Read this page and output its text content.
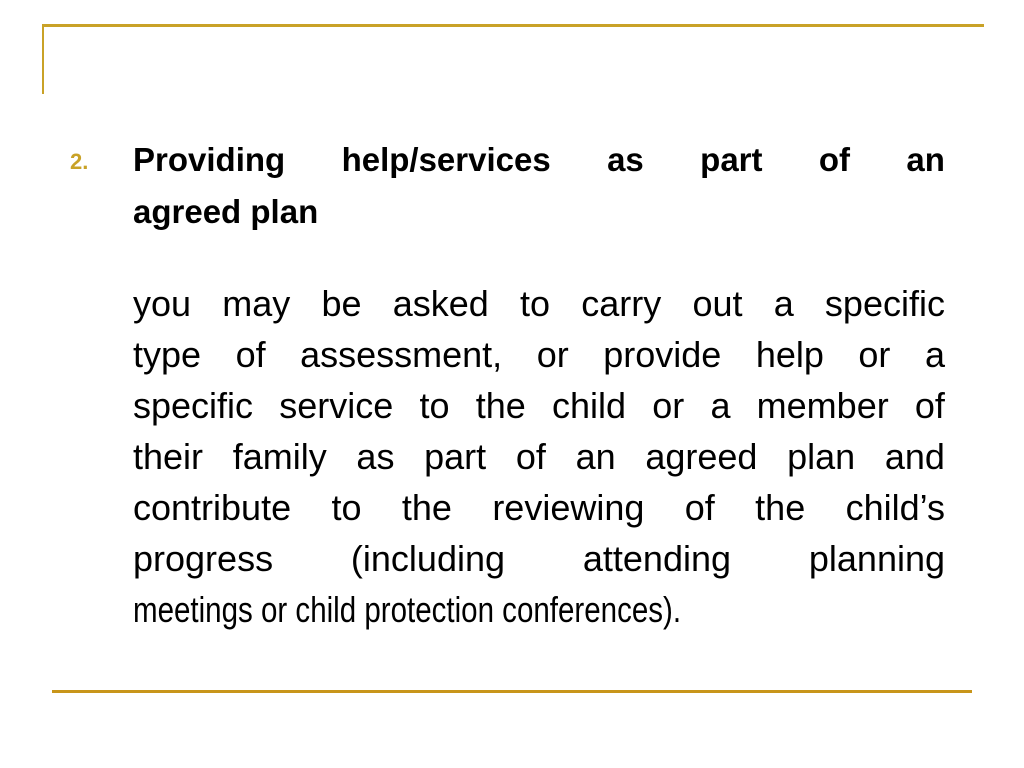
2. Providing help/services as part of an
agreed plan
you may be asked to carry out a specific
type of assessment, or provide help or a
specific service to the child or a member of
their family as part of an agreed plan and
contribute to the reviewing of the child’s
progress (including attending planning
meetings or child protection conferences).
